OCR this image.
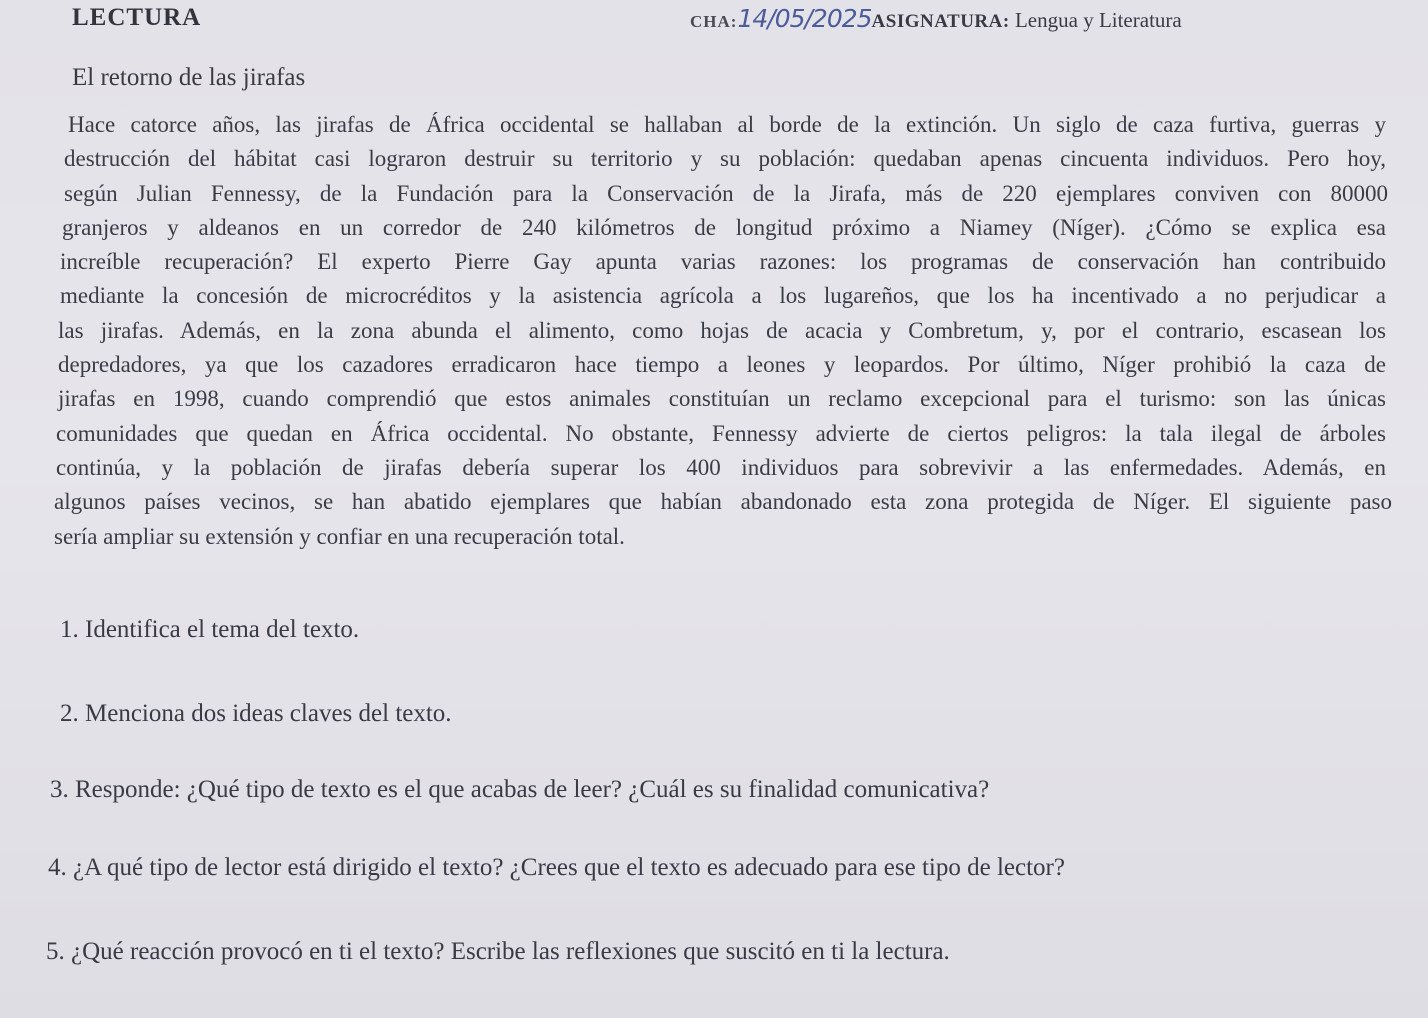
LECTURA	CHA:14/05/2025ASIGNATURA: Lengua y Literatura
El retorno de las jirafas
Hace catorce años, las jirafas de África occidental se hallaban al borde de la extinción. Un siglo de caza furtiva, guerras y
destrucción del hábitat casi lograron destruir su territorio y su población: quedaban apenas cincuenta individuos. Pero hoy,
según Julian Fennessy, de la Fundación para la Conservación de la Jirafa, más de 220 ejemplares conviven con 80000
granjeros y aldeanos en un corredor de 240 kilómetros de longitud próximo a Niamey (Níger). ¿Cómo se explica esa
increíble recuperación? El experto Pierre Gay apunta varias razones: los programas de conservación han contribuido
mediante la concesión de microcréditos y la asistencia agrícola a los lugareños, que los ha incentivado a no perjudicar a
las jirafas. Además, en la zona abunda el alimento, como hojas de acacia y Combretum, y, por el contrario, escasean los
depredadores, ya que los cazadores erradicaron hace tiempo a leones y leopardos. Por último, Níger prohibió la caza de
jirafas en 1998, cuando comprendió que estos animales constituían un reclamo excepcional para el turismo: son las únicas
comunidades que quedan en África occidental. No obstante, Fennessy advierte de ciertos peligros: la tala ilegal de árboles
continúa, y la población de jirafas debería superar los 400 individuos para sobrevivir a las enfermedades. Además, en
algunos países vecinos, se han abatido ejemplares que habían abandonado esta zona protegida de Níger. El siguiente paso
sería ampliar su extensión y confiar en una recuperación total.
1. Identifica el tema del texto.
2. Menciona dos ideas claves del texto.
3. Responde: ¿Qué tipo de texto es el que acabas de leer? ¿Cuál es su finalidad comunicativa?
4. ¿A qué tipo de lector está dirigido el texto? ¿Crees que el texto es adecuado para ese tipo de lector?
5. ¿Qué reacción provocó en ti el texto? Escribe las reflexiones que suscitó en ti la lectura.
